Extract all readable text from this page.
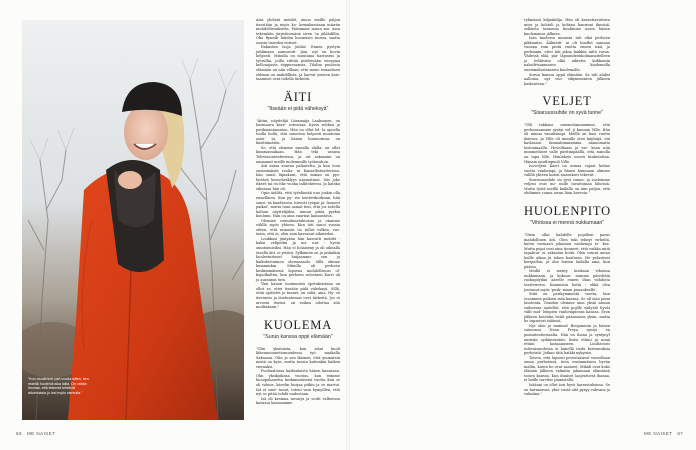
"Kun muutimme pari vuotta sitten, ben mariltä huolehdi aika lailla. On vähän iironiaa, että tekemiä tehtäviä aitoimuksia jo tosi myös siemulla."
66 ME NAISET

Aira yhdistä meidät, ainoa meille paljon itsestään ja myös ko- kemuksestaan miärän muhdollisuuksista. Pääsimme muun mu- assa tekemään järjistönssänä siven 'ta jälähdillin. Olin Rynnik- käiden huoneisto tuossa, mutta osasin tuoreksi entiset.

Rakastan isoja juhlia! Ennen pystyin juhlimaan aamuseiti- jäin, nyt en kovin helposti. Minulla on muutama harrastus ja työrullia, joilla riittää pitelemään energiaa kellonajasta viippuvaansta. Tilalim puolesta elämään on niin villaan, että meno tosiaalisen eläman on mahdillista, ja harvat yeisten kois- taamiset ovat todella tärkeitä.

ÄITI
"Itseään ei pidä väheksyä"

"Äitini, näyttelijä Liisamaija Laaksonen, on harmaava kave- roteoriaa, hyvin rohkea ja periksiantamaton. Hän on ollut lol- la apoella tuolla hullu, että innostuu helposti muotoina asioi- ta, ja hänen huumorinsa on käsittämätön.

Se, että olemme samalla alalla, on ollut kummassakaan. Hän teki uransa Televisionteatterissa, ja eri saksanini on ammanut meille molemmille työtarahon.

Äiti antaa suuvaa palautetta, ja kun teen ensimmäistä roolia- ni Kansallisteatterissa, hän sanoi läpiakaut, että minun on pys- hirtävä keroeherklyys naamattaut. Siis joko itkeet tai en itke vuoka tallitekeessi. Ja katsku oikeassa hän oli.

Opin äidiltä, että työelämää nuo joskin olla ennellinen. Kun py- rin teatterikorkuun, hän sanoi 'sä kaadneosa, hirveät työpat ja- lnoneet paikat', mutta tomi samat tien, että jos todella haluan näyttelijäksi, minun pitää pyrkiä koulunn. Hän on aina suurnut kannustava.

Olemme voimakasrtahtoisia ja otamme välillä myös yhteen. Kun äiti sanoi vuosia sitten, että minusta on tullut valkea, vas- tasin, että ei, olen vain kasvanut aikuiseksi.

Loukkasi jäätyään hän kasvatti meidät - kaksi velipelini ja mi- nut - hyvin omatoimisiksi. Hän ei holaiseny ja oli oikealla tavalla äiti, ei ystävä. Sylkäinen on ja joskaikin huolestuttavat huijaamme sen ja kaikuluotaimen olemassaolo. Sillä olmme kumminkin. Minulla oli perheen keskimmäisenä lapsena muhdollisuus ol- kopolkaltiin, kun perheen selostaen Karri oli jo aurannut tien.

Yksi hänen tuoimmista opetuksistaan on ollut se, ettei itseään pidä väheksyä. Sillä, ettäi ajattelet ja tunnet, on väliä, aina. Hy- vä itsetunto ja itsetuntemus ovat tärkeitä. Jos et arvosta itseäsi, on vaikea odottaa sitä muiltakaan."

KUOLEMA
"Surun kanssa oppii elämään"

"Olin yksitoista, kun isäni kuoli liikenneonnettomuudessa työ- matkalla Saksassa. Olin jo sen ikäinen, että ymmärsin mistä on kyse, mutta tunsin kuitenkin kaiken vieraaksi.

Puoliaaleissa kaikenlaista hänen kanssaan. Olin yksikoikeaa vuotias, kun teimme huoopahanetta keskimmäisenä vuotta Kun se oli valmis, kävelin hurjaa pitkin ja se murtui. Isä ei suut- tunut, toteni vain hymyillen, että nyt se pitää tehdä uudestaan.

Isä oli kesinna tavoirja ja voitti valheessa kavassa kanssamme

ryhmässä kiljuakilija. Hän oli kasvattavuttava mies ja kohteli ja kohtasi kaurinni ihmisiä, sellaista taimassa kuulimme usein hänen kuolemansa jälkeen.

Isän kuolesta minusta tuli eikä perheen pikkuaitsi. Äidinäiti- ni oli kuollut samana vuonna ruin piutä vuotta ennen isää, ja perhinnin, ettei äiti jaksa kaikkia niitä surua. Yhdessä elää, päi- läpoundeenkolmanaitelleen ja tehtäväni olkä aiktetta kukkomin nahsilrtsanmasen kuolemalla enemmälastomasta kuolemalla.

Surun kanssa oppii elämään. Se tuli aluksi aalloina, nyt vuo- sikymmenten jälkeen haikeutena."

VELJET
"Sisaruussuhde on syvä tunne"

"Olli rakkaus omenoitamammme, että perheessamme syntyi vel- ji kunnan Ville. Hän oli minua vanulisimpi. Meillä on kusi vuotta ikäeroa, ja Ville oli minulle eteä käyttäjä, etä kavlasam- famnahimmamma nännomatta lastenmaalla. Hoveiltaam ja var- kaan niin mimmeihiset valle päritmipäällä, että minulla on tapa lille. Hänlaheie neovii ktakerattaa. Hänam miutlinpuoli Ville.

Isoveljeni Karri on minua vajaat kolme vuotta vanhempi, ja hänen kanssaan olimme välillä yhteen kuten sisarukset tekevät.

Sisaruussuhde on syvä tunne, ja suolemme veljeni ovat mi- nulle tavattoman läheisiä. Mutta työtä meillä kaikilla on niin paljon, että ehdimme conna aivan liian harvoin."

HUOLENPITO
"Vihoissa ei mennä nukkumaan"

"Olem ollut kahdelle pojalleni paras mahdollinen äiti. Olen toki tehnyt virheitä, kuten varmasti jokainen vanhempi te- kee. Mutta pojat ovat aina tienneet, että vaikka mitä tapahtui- si, rakastan heitä. Olen voinut antaa heille aikaa ja tukea koulussa. He pelastivat koripallon, ja olin leirien laidalla aina, kun pääsin.

Meillä ei menty koskaan vihoissa nukkumaan, ja kokoon- numme päivittäin ruokapöydän äärelle ennen iltan viihdoita teatteriesta. Kannustin heitä - ehkä olen joutunut myös 'pusk- maan penaukselle'.

Siitä on parikymmentä vuotta, kun erosimme poikien isän kanssa. Se oli isän pieni lasolenta. Onnekis olemme aina yksiä saman vaiheessa ajatellut, että pojille säilyvät hyvät välit mol- lempien vanhempiensa kanssa. Eron jälkeen kasvatin heitä pääasiassa yksin, mutta he tapasivat isäänsä.

Nyt olen jo mummi! Benjaminin ja hänen vaimonsa Nean Freya syntyi en pusiinteatteriaalta. Hän on ihana ja syntynyt aurinko sydämessään: lisäsi ettäni ja minä ettäni lastaamiseen. Luultavasti tulevaisuudessa ei hänellä tiedä kertomuksia perheistä. Jatkan tätä kaikki nykyisin.

Toivon, että lapseni perustaisivat vuorollaan oman perheensä, teen ensimmäisen hyvän mallin, kuten he ovat saaneet. Mikäli ovat koko elämän jälkeen valmiita jakamaan elämänsä toisen kanssa. Kun ihmiset laajentuvat ihanaa, ei heille tarvitse pinnistellä.

Isäänni on ollut tosi hyvä harrastuksissa. Se on harmaavaa, yksi- isistä sitä pysyy vahvana ja valmiina."

ME NAISET 67
